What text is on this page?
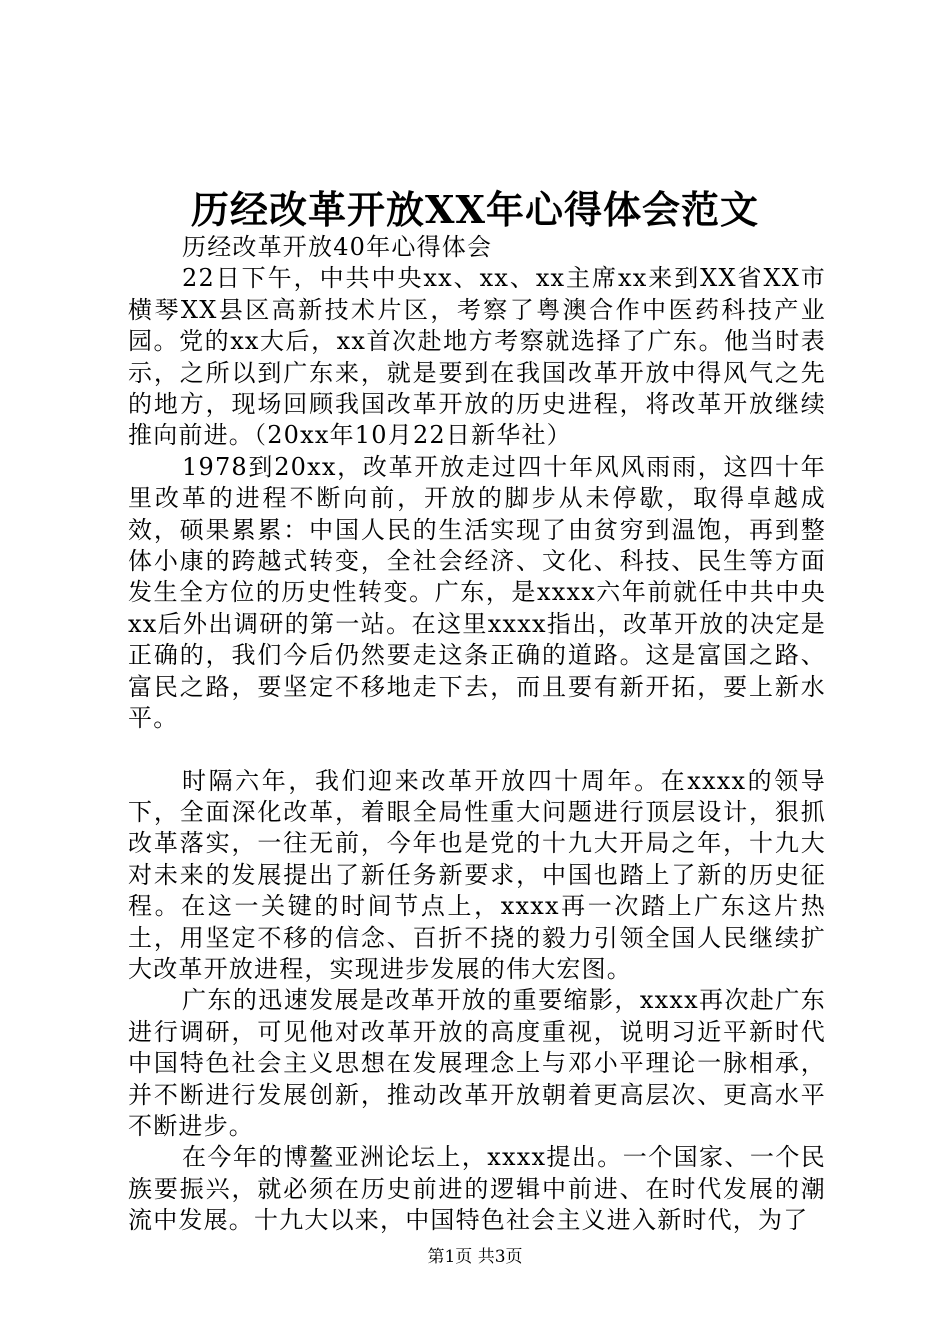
历经改革开放XX年心得体会范文

历经改革开放40年心得体会

22日下午，中共中央xx、xx、xx主席xx来到XX省XX市横琴XX县区高新技术片区，考察了粤澳合作中医药科技产业园。党的xx大后，xx首次赴地方考察就选择了广东。他当时表示，之所以到广东来，就是要到在我国改革开放中得风气之先的地方，现场回顾我国改革开放的历史进程，将改革开放继续推向前进。（20xx年10月22日新华社）

1978到20xx，改革开放走过四十年风风雨雨，这四十年里改革的进程不断向前，开放的脚步从未停歇，取得卓越成效，硕果累累：中国人民的生活实现了由贫穷到温饱，再到整体小康的跨越式转变，全社会经济、文化、科技、民生等方面发生全方位的历史性转变。广东，是xxxx六年前就任中共中央xx后外出调研的第一站。在这里xxxx指出，改革开放的决定是正确的，我们今后仍然要走这条正确的道路。这是富国之路、富民之路，要坚定不移地走下去，而且要有新开拓，要上新水平。

时隔六年，我们迎来改革开放四十周年。在xxxx的领导下，全面深化改革，着眼全局性重大问题进行顶层设计，狠抓改革落实，一往无前，今年也是党的十九大开局之年，十九大对未来的发展提出了新任务新要求，中国也踏上了新的历史征程。在这一关键的时间节点上，xxxx再一次踏上广东这片热土，用坚定不移的信念、百折不挠的毅力引领全国人民继续扩大改革开放进程，实现进步发展的伟大宏图。

广东的迅速发展是改革开放的重要缩影，xxxx再次赴广东进行调研，可见他对改革开放的高度重视，说明习近平新时代中国特色社会主义思想在发展理念上与邓小平理论一脉相承，并不断进行发展创新，推动改革开放朝着更高层次、更高水平不断进步。

在今年的博鳌亚洲论坛上，xxxx提出。一个国家、一个民族要振兴，就必须在历史前进的逻辑中前进、在时代发展的潮流中发展。十九大以来，中国特色社会主义进入新时代，为了

第1页 共3页
